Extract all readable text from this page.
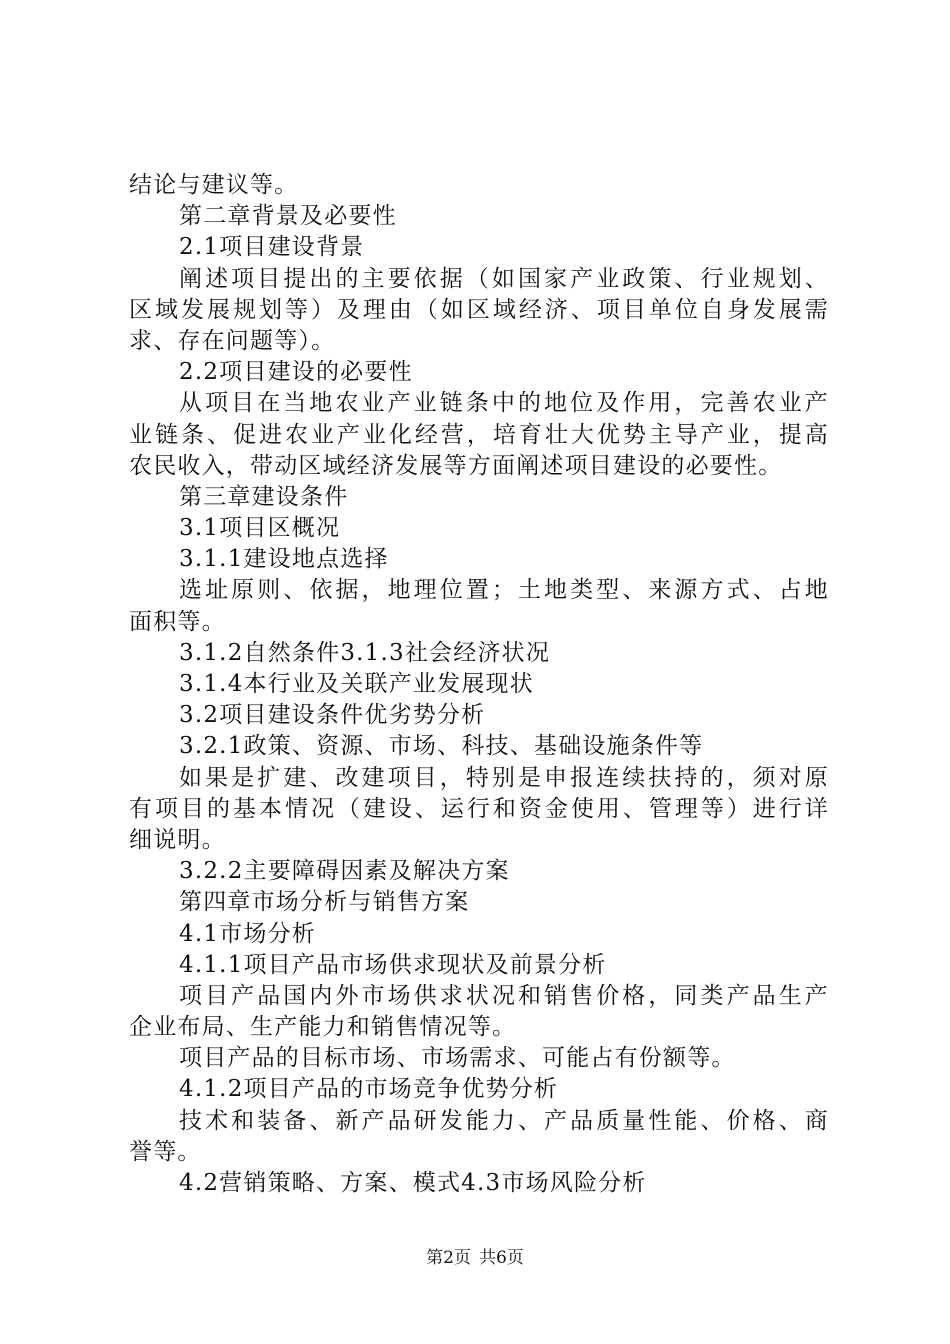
结论与建议等。
第二章背景及必要性
2.1项目建设背景
阐述项目提出的主要依据（如国家产业政策、行业规划、
区域发展规划等）及理由（如区域经济、项目单位自身发展需
求、存在问题等）。
2.2项目建设的必要性
从项目在当地农业产业链条中的地位及作用，完善农业产
业链条、促进农业产业化经营，培育壮大优势主导产业，提高
农民收入，带动区域经济发展等方面阐述项目建设的必要性。
第三章建设条件
3.1项目区概况
3.1.1建设地点选择
选址原则、依据，地理位置；土地类型、来源方式、占地
面积等。
3.1.2自然条件3.1.3社会经济状况
3.1.4本行业及关联产业发展现状
3.2项目建设条件优劣势分析
3.2.1政策、资源、市场、科技、基础设施条件等
如果是扩建、改建项目，特别是申报连续扶持的，须对原
有项目的基本情况（建设、运行和资金使用、管理等）进行详
细说明。
3.2.2主要障碍因素及解决方案
第四章市场分析与销售方案
4.1市场分析
4.1.1项目产品市场供求现状及前景分析
项目产品国内外市场供求状况和销售价格，同类产品生产
企业布局、生产能力和销售情况等。
项目产品的目标市场、市场需求、可能占有份额等。
4.1.2项目产品的市场竞争优势分析
技术和装备、新产品研发能力、产品质量性能、价格、商
誉等。
4.2营销策略、方案、模式4.3市场风险分析
第2页 共6页
